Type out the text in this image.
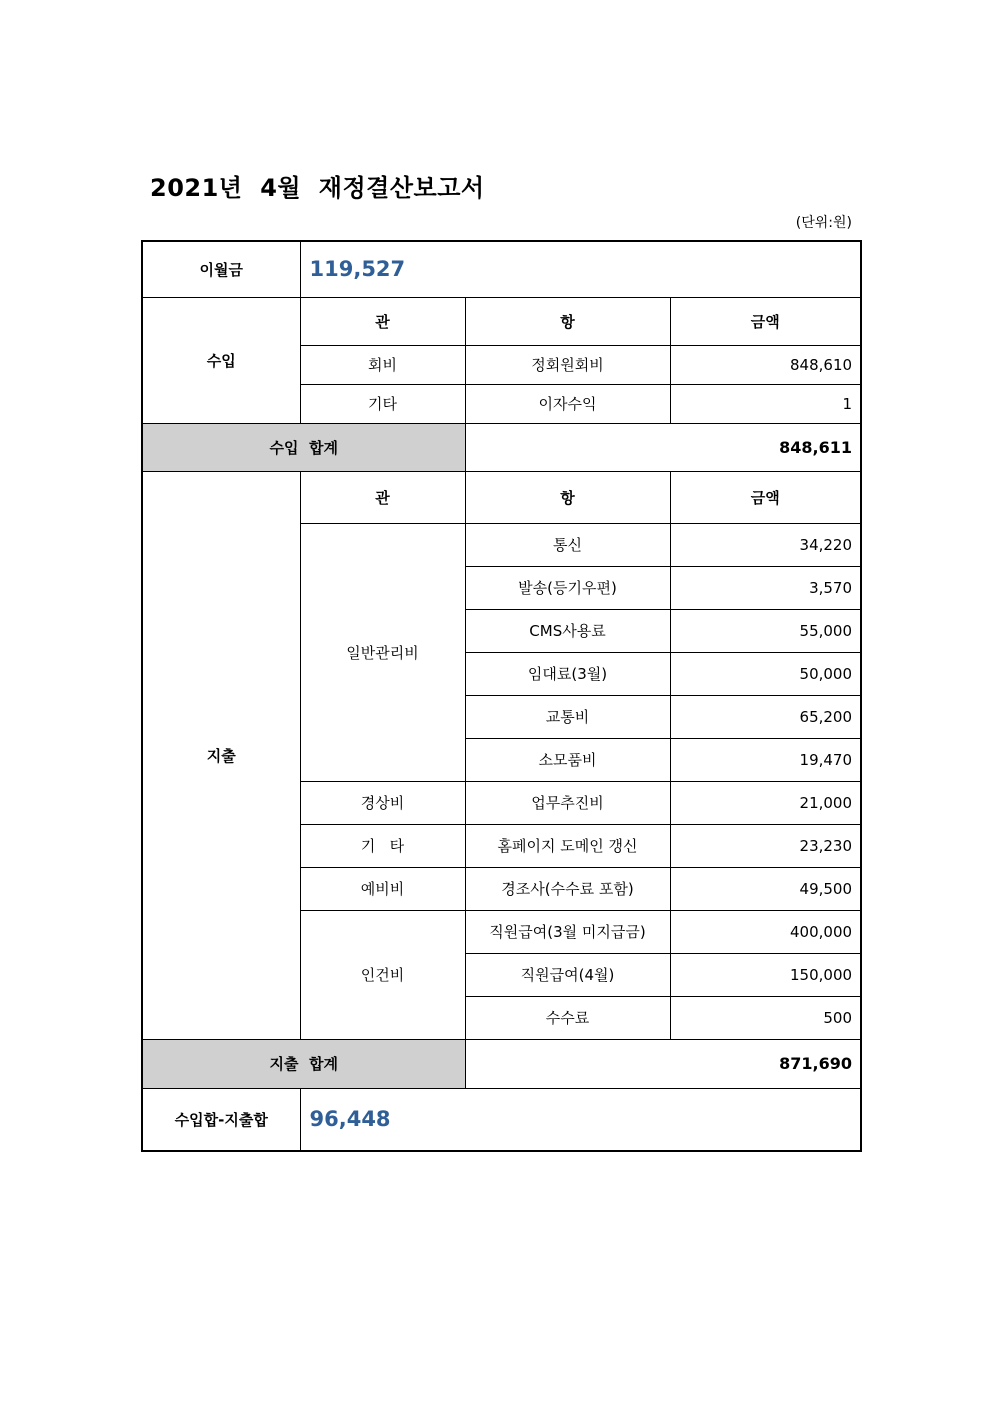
2021년  4월  재정결산보고서
(단위:원)
이월금	119,527		
수입	관	항	금액
	회비	정회원회비	848,610
	기타	이자수익	1
수입  합계		848,611	
지출	관	항	금액
	일반관리비	통신	34,220
		발송(등기우편)	3,570
		CMS사용료	55,000
		임대료(3월)	50,000
		교통비	65,200
		소모품비	19,470
	경상비	업무추진비	21,000
	기   타	홈페이지 도메인 갱신	23,230
	예비비	경조사(수수료 포함)	49,500
	인건비	직원급여(3월 미지급금)	400,000
		직원급여(4월)	150,000
		수수료	500
지출  합계		871,690	
수입합-지출합	96,448		
